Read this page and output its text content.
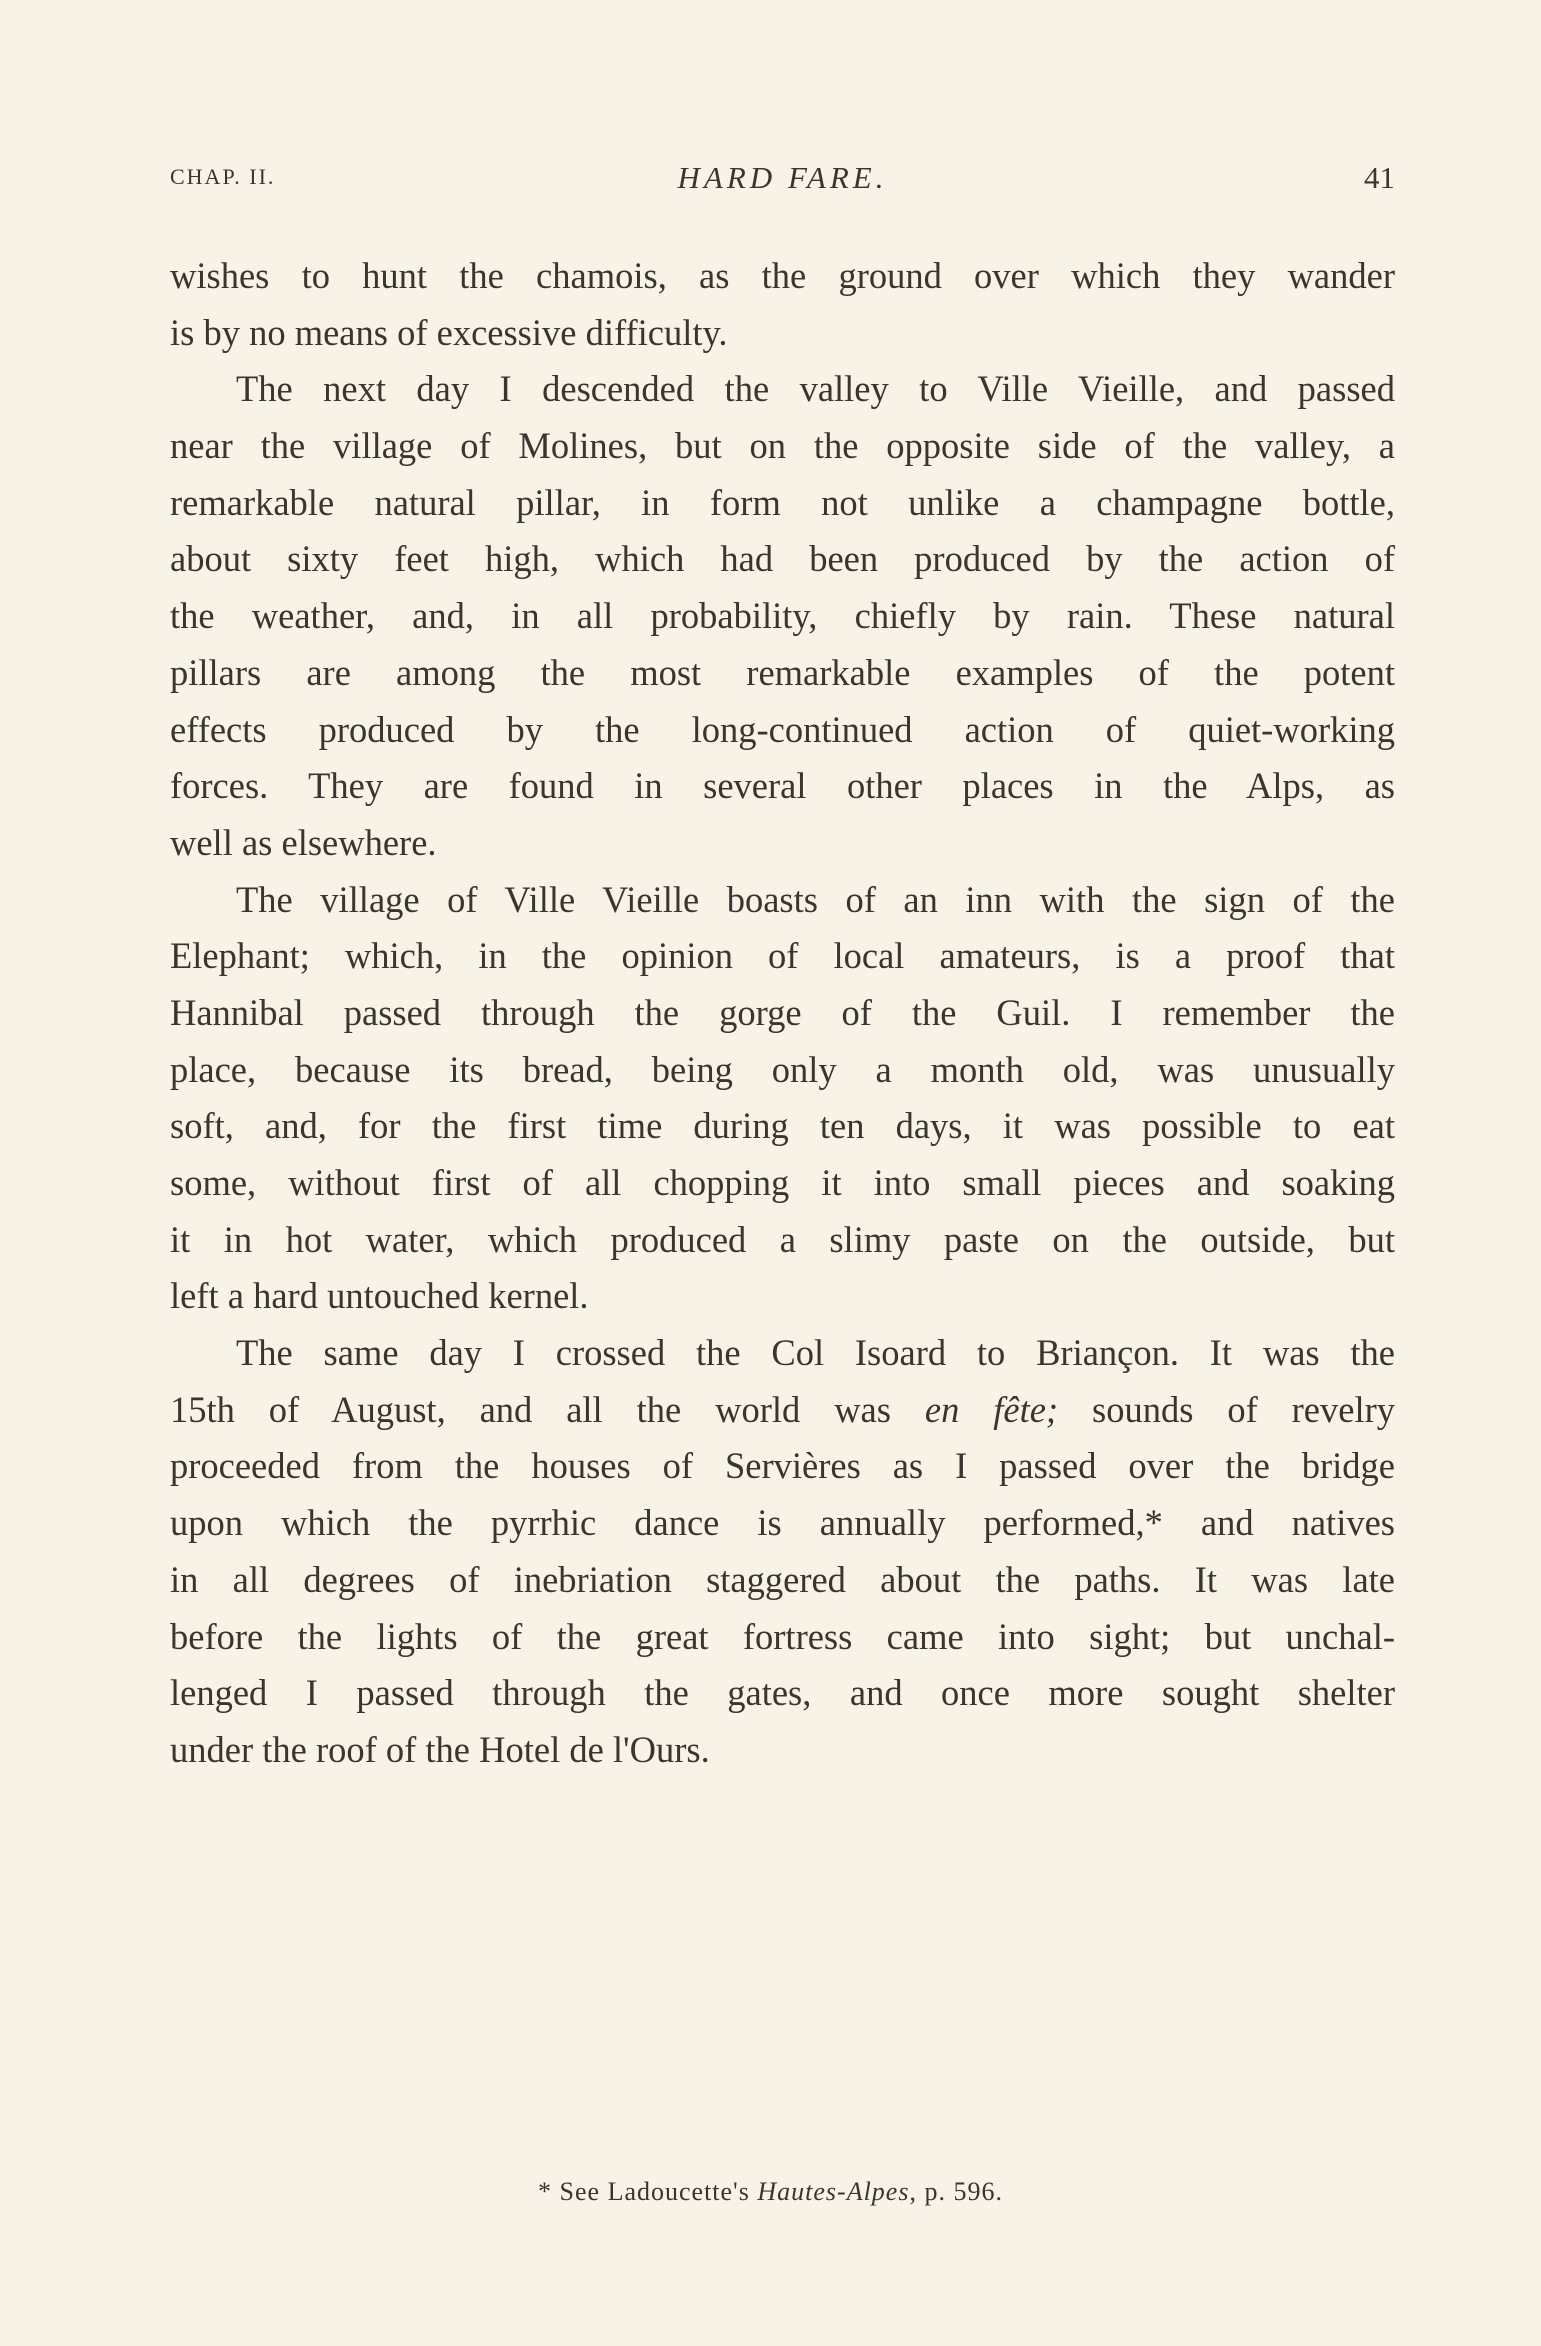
CHAP. II.	HARD FARE.	41
wishes to hunt the chamois, as the ground over which they wander
is by no means of excessive difficulty.
The next day I descended the valley to Ville Vieille, and passed
near the village of Molines, but on the opposite side of the valley, a
remarkable natural pillar, in form not unlike a champagne bottle,
about sixty feet high, which had been produced by the action of
the weather, and, in all probability, chiefly by rain. These natural
pillars are among the most remarkable examples of the potent
effects produced by the long-continued action of quiet-working
forces. They are found in several other places in the Alps, as
well as elsewhere.
The village of Ville Vieille boasts of an inn with the sign of the
Elephant; which, in the opinion of local amateurs, is a proof that
Hannibal passed through the gorge of the Guil. I remember the
place, because its bread, being only a month old, was unusually
soft, and, for the first time during ten days, it was possible to eat
some, without first of all chopping it into small pieces and soaking
it in hot water, which produced a slimy paste on the outside, but
left a hard untouched kernel.
The same day I crossed the Col Isoard to Briançon. It was the
15th of August, and all the world was en fête; sounds of revelry
proceeded from the houses of Servières as I passed over the bridge
upon which the pyrrhic dance is annually performed,* and natives
in all degrees of inebriation staggered about the paths. It was late
before the lights of the great fortress came into sight; but unchal-
lenged I passed through the gates, and once more sought shelter
under the roof of the Hotel de l'Ours.
* See Ladoucette's Hautes-Alpes, p. 596.
